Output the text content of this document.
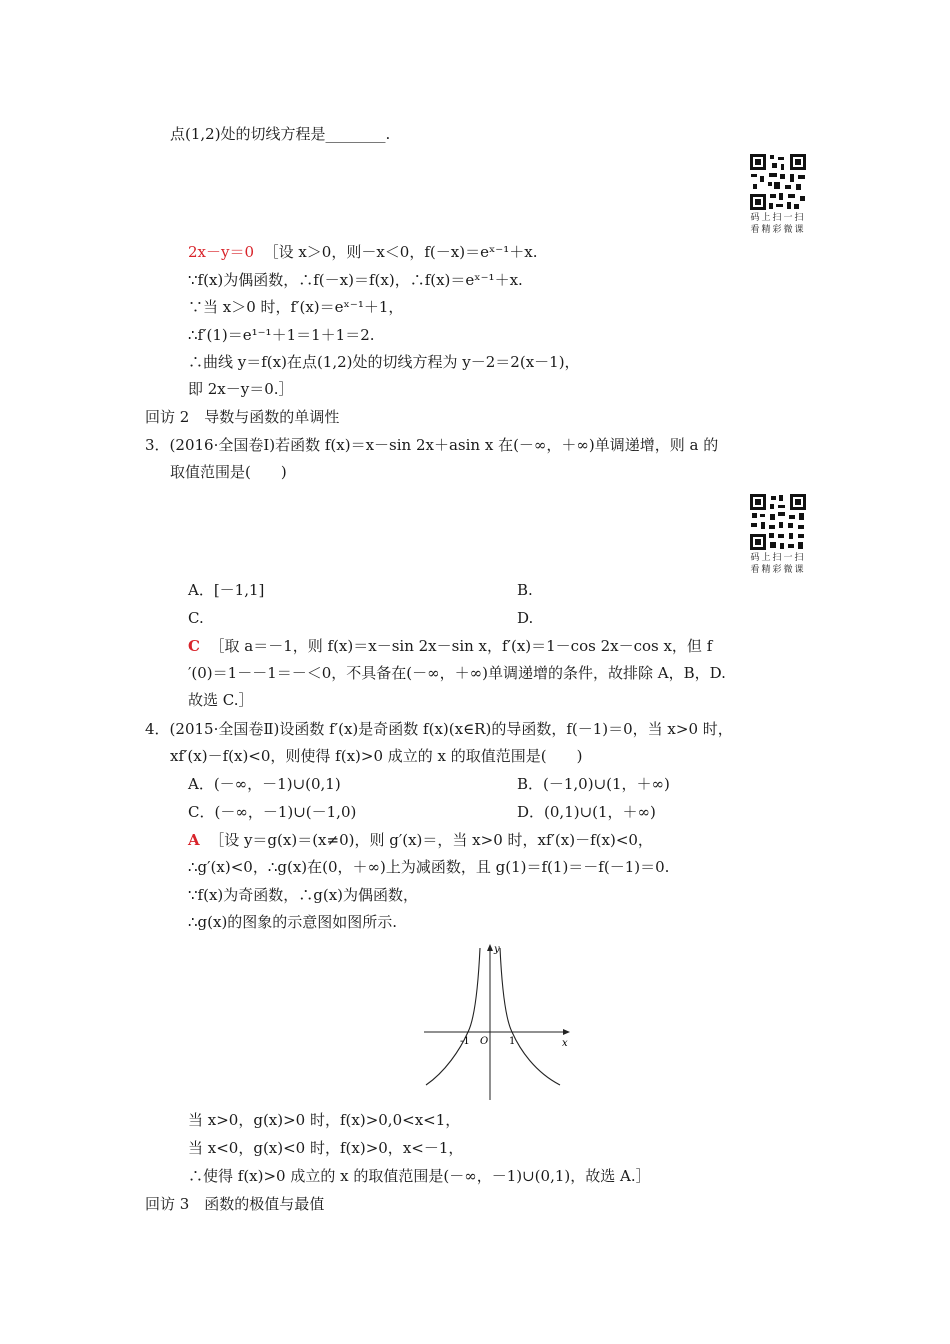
点(1,2)处的切线方程是________.
码上扫一扫
看精彩微课
2x－y＝0 ［设 x＞0，则－x＜0，f(－x)＝eˣ⁻¹＋x.
∵f(x)为偶函数，∴f(－x)＝f(x)，∴f(x)＝eˣ⁻¹＋x.
∵当 x＞0 时，f′(x)＝eˣ⁻¹＋1，
∴f′(1)＝e¹⁻¹＋1＝1＋1＝2.
∴曲线 y＝f(x)在点(1,2)处的切线方程为 y－2＝2(x－1)，
即 2x－y＝0.］
回访 2　导数与函数的单调性
3．(2016·全国卷Ⅰ)若函数 f(x)＝x－sin 2x＋asin x 在(－∞，＋∞)单调递增，则 a 的
取值范围是(　　)
码上扫一扫
看精彩微课
A．[－1,1]	B.
C.	D.
C ［取 a＝－1，则 f(x)＝x－sin 2x－sin x，f′(x)＝1－cos 2x－cos x，但 f
′(0)＝1－－1＝－＜0，不具备在(－∞，＋∞)单调递增的条件，故排除 A，B，D.
故选 C.］
4．(2015·全国卷Ⅱ)设函数 f′(x)是奇函数 f(x)(x∈R)的导函数，f(－1)＝0，当 x>0 时，
xf′(x)－f(x)<0，则使得 f(x)>0 成立的 x 的取值范围是(　　)
A．(－∞，－1)∪(0,1)	B．(－1,0)∪(1，＋∞)
C．(－∞，－1)∪(－1,0)	D．(0,1)∪(1，＋∞)
A ［设 y＝g(x)＝(x≠0)，则 g′(x)＝，当 x>0 时，xf′(x)－f(x)<0，
∴g′(x)<0，∴g(x)在(0，＋∞)上为减函数，且 g(1)＝f(1)＝－f(－1)＝0.
∵f(x)为奇函数，∴g(x)为偶函数，
∴g(x)的图象的示意图如图所示.
y
x
O
-1	1
当 x>0，g(x)>0 时，f(x)>0,0<x<1，
当 x<0，g(x)<0 时，f(x)>0，x<－1，
∴使得 f(x)>0 成立的 x 的取值范围是(－∞，－1)∪(0,1)，故选 A.］
回访 3　函数的极值与最值
